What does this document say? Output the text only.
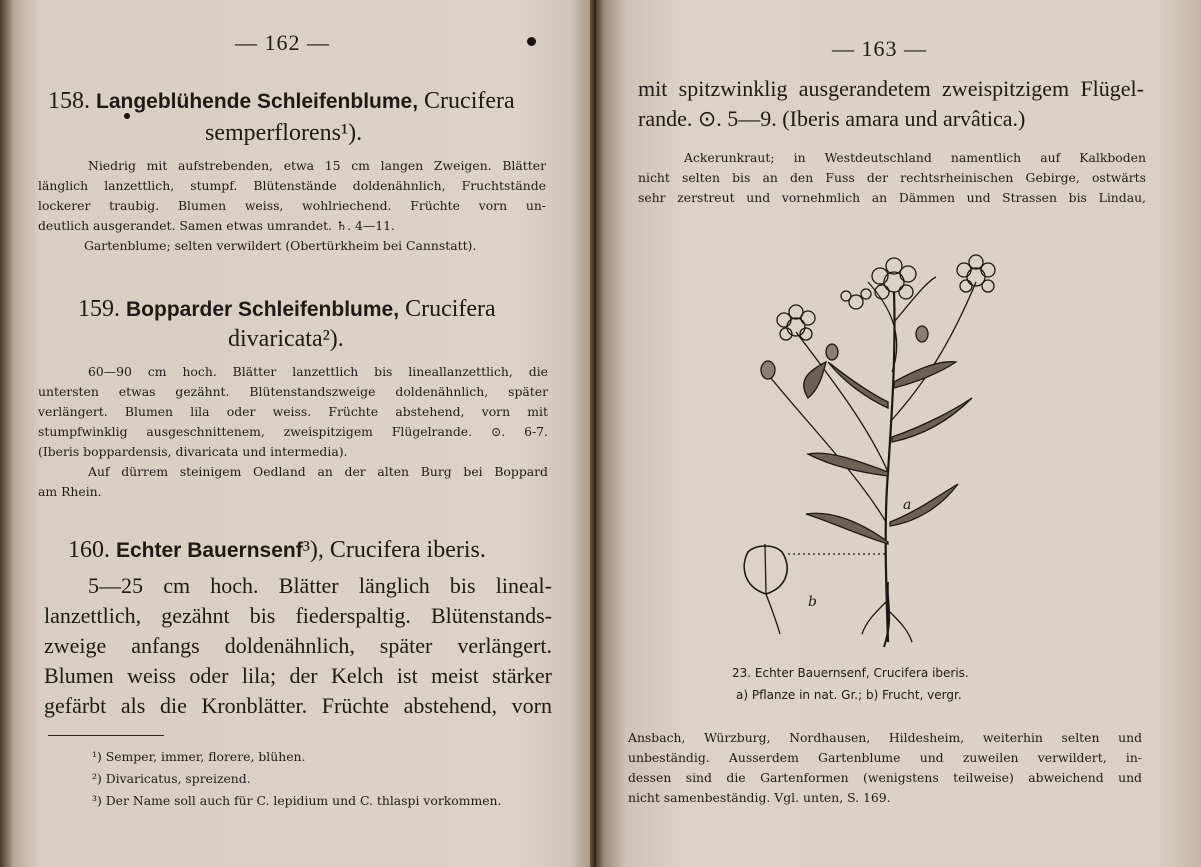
— 162 —
158. Langeblühende Schleifenblume, Crucifera
semperflorens¹).
Niedrig mit aufstrebenden, etwa 15 cm langen Zweigen. Blätter
länglich lanzettlich, stumpf. Blütenstände doldenähnlich, Fruchtstände
lockerer traubig. Blumen weiss, wohlriechend. Früchte vorn un-
deutlich ausgerandet. Samen etwas umrandet. ♄. 4—11.
Gartenblume; selten verwildert (Obertürkheim bei Cannstatt).
159. Bopparder Schleifenblume, Crucifera
divaricata²).
60—90 cm hoch. Blätter lanzettlich bis lineallanzettlich, die
untersten etwas gezähnt. Blütenstandszweige doldenähnlich, später
verlängert. Blumen lila oder weiss. Früchte abstehend, vorn mit
stumpfwinklig ausgeschnittenem, zweispitzigem Flügelrande. ⊙. 6-7.
(Iberis boppardensis, divaricata und intermedia).
Auf dürrem steinigem Oedland an der alten Burg bei Boppard
am Rhein.
160. Echter Bauernsenf³), Crucifera iberis.
5—25 cm hoch. Blätter länglich bis lineal-
lanzettlich, gezähnt bis fiederspaltig. Blütenstands-
zweige anfangs doldenähnlich, später verlängert.
Blumen weiss oder lila; der Kelch ist meist stärker
gefärbt als die Kronblätter. Früchte abstehend, vorn
¹) Semper, immer, florere, blühen.
²) Divaricatus, spreizend.
³) Der Name soll auch für C. lepidium und C. thlaspi vorkommen.
— 163 —
mit spitzwinklig ausgerandetem zweispitzigem Flügel-
rande. ⊙. 5—9. (Iberis amara und arvâtica.)
Ackerunkraut; in Westdeutschland namentlich auf Kalkboden
nicht selten bis an den Fuss der rechtsrheinischen Gebirge, ostwärts
sehr zerstreut und vornehmlich an Dämmen und Strassen bis Lindau,
a
b
23. Echter Bauernsenf, Crucifera iberis.
a) Pflanze in nat. Gr.; b) Frucht, vergr.
Ansbach, Würzburg, Nordhausen, Hildesheim, weiterhin selten und
unbeständig. Ausserdem Gartenblume und zuweilen verwildert, in-
dessen sind die Gartenformen (wenigstens teilweise) abweichend und
nicht samenbeständig. Vgl. unten, S. 169.
